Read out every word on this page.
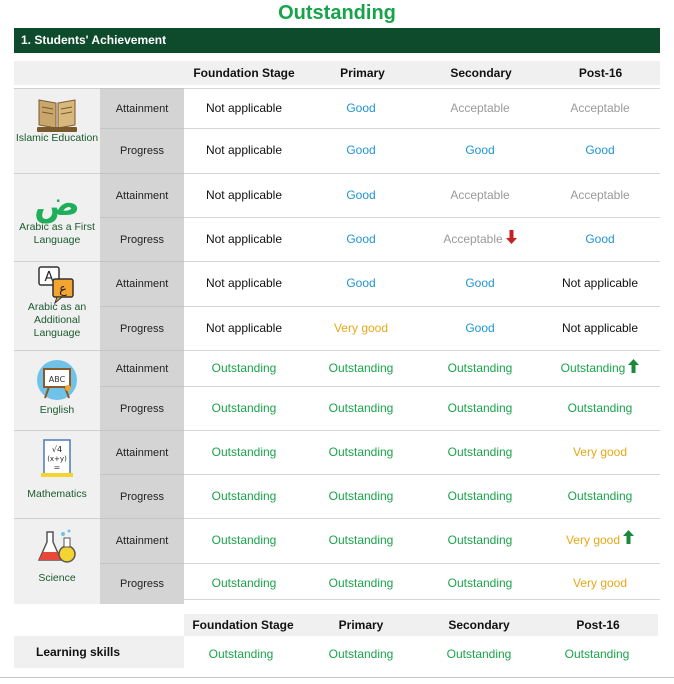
Outstanding
1. Students' Achievement
Foundation Stage	Primary	Secondary	Post-16
Islamic Education
Attainment	Not applicable	Good	Acceptable	Acceptable
Progress	Not applicable	Good	Good	Good
ض
Arabic as a First Language
Attainment	Not applicable	Good	Acceptable	Acceptable
Progress	Not applicable	Good	Acceptable	Good
A
ع
Arabic as an Additional Language
Attainment	Not applicable	Good	Good	Not applicable
Progress	Not applicable	Very good	Good	Not applicable
ABC
English
Attainment	Outstanding	Outstanding	Outstanding	Outstanding
Progress	Outstanding	Outstanding	Outstanding	Outstanding
√4
(x+y)
=
Mathematics
Attainment	Outstanding	Outstanding	Outstanding	Very good
Progress	Outstanding	Outstanding	Outstanding	Outstanding
Science
Attainment	Outstanding	Outstanding	Outstanding	Very good
Progress	Outstanding	Outstanding	Outstanding	Very good
Foundation Stage	Primary	Secondary	Post-16
Learning skills	Outstanding	Outstanding	Outstanding	Outstanding
